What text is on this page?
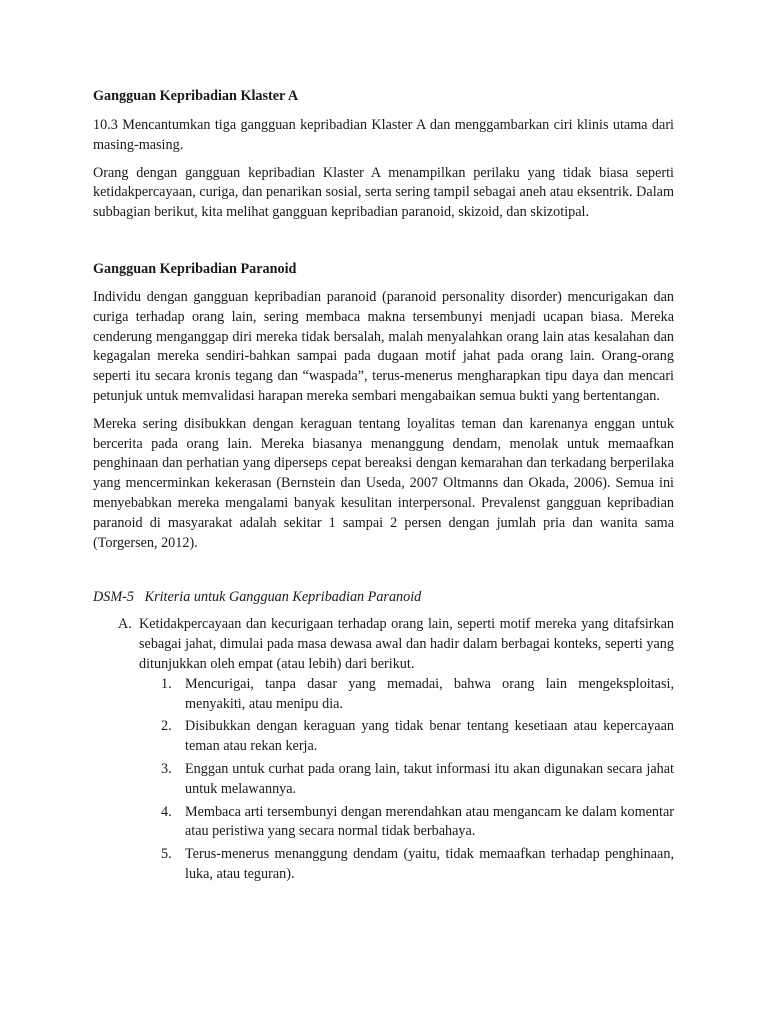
Gangguan Kepribadian Klaster A

10.3 Mencantumkan tiga gangguan kepribadian Klaster A dan menggambarkan ciri klinis utama dari masing-masing.

Orang dengan gangguan kepribadian Klaster A menampilkan perilaku yang tidak biasa seperti ketidakpercayaan, curiga, dan penarikan sosial, serta sering tampil sebagai aneh atau eksentrik. Dalam subbagian berikut, kita melihat gangguan kepribadian paranoid, skizoid, dan skizotipal.

Gangguan Kepribadian Paranoid

Individu dengan gangguan kepribadian paranoid (paranoid personality disorder) mencurigakan dan curiga terhadap orang lain, sering membaca makna tersembunyi menjadi ucapan biasa. Mereka cenderung menganggap diri mereka tidak bersalah, malah menyalahkan orang lain atas kesalahan dan kegagalan mereka sendiri-bahkan sampai pada dugaan motif jahat pada orang lain. Orang-orang seperti itu secara kronis tegang dan “waspada”, terus-menerus mengharapkan tipu daya dan mencari petunjuk untuk memvalidasi harapan mereka sembari mengabaikan semua bukti yang bertentangan.

Mereka sering disibukkan dengan keraguan tentang loyalitas teman dan karenanya enggan untuk bercerita pada orang lain. Mereka biasanya menanggung dendam, menolak untuk memaafkan penghinaan dan perhatian yang diperseps cepat bereaksi dengan kemarahan dan terkadang berperilaka yang mencerminkan kekerasan (Bernstein dan Useda, 2007 Oltmanns dan Okada, 2006). Semua ini menyebabkan mereka mengalami banyak kesulitan interpersonal. Prevalenst gangguan kepribadian paranoid di masyarakat adalah sekitar 1 sampai 2 persen dengan jumlah pria dan wanita sama (Torgersen, 2012).

DSM-5   Kriteria untuk Gangguan Kepribadian Paranoid
A. Ketidakpercayaan dan kecurigaan terhadap orang lain, seperti motif mereka yang ditafsirkan sebagai jahat, dimulai pada masa dewasa awal dan hadir dalam berbagai konteks, seperti yang ditunjukkan oleh empat (atau lebih) dari berikut.
1. Mencurigai, tanpa dasar yang memadai, bahwa orang lain mengeksploitasi, menyakiti, atau menipu dia.
2. Disibukkan dengan keraguan yang tidak benar tentang kesetiaan atau kepercayaan teman atau rekan kerja.
3. Enggan untuk curhat pada orang lain, takut informasi itu akan digunakan secara jahat untuk melawannya.
4. Membaca arti tersembunyi dengan merendahkan atau mengancam ke dalam komentar atau peristiwa yang secara normal tidak berbahaya.
5. Terus-menerus menanggung dendam (yaitu, tidak memaafkan terhadap penghinaan, luka, atau teguran).
